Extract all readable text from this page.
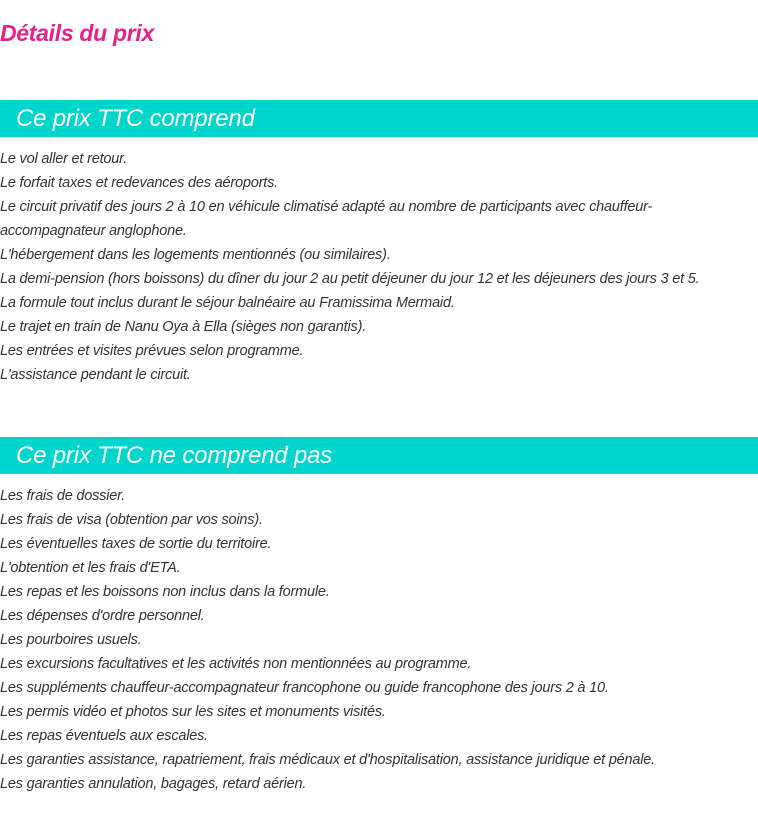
Détails du prix
Ce prix TTC comprend
Le vol aller et retour.
Le forfait taxes et redevances des aéroports.
Le circuit privatif des jours 2 à 10 en véhicule climatisé adapté au nombre de participants avec chauffeur-accompagnateur anglophone.
L'hébergement dans les logements mentionnés (ou similaires).
La demi-pension (hors boissons) du dîner du jour 2 au petit déjeuner du jour 12 et les déjeuners des jours 3 et 5.
La formule tout inclus durant le séjour balnéaire au Framissima Mermaid.
Le trajet en train de Nanu Oya à Ella (sièges non garantis).
Les entrées et visites prévues selon programme.
L'assistance pendant le circuit.
Ce prix TTC ne comprend pas
Les frais de dossier.
Les frais de visa (obtention par vos soins).
Les éventuelles taxes de sortie du territoire.
L'obtention et les frais d'ETA.
Les repas et les boissons non inclus dans la formule.
Les dépenses d'ordre personnel.
Les pourboires usuels.
Les excursions facultatives et les activités non mentionnées au programme.
Les suppléments chauffeur-accompagnateur francophone ou guide francophone des jours 2 à 10.
Les permis vidéo et photos sur les sites et monuments visités.
Les repas éventuels aux escales.
Les garanties assistance, rapatriement, frais médicaux et d'hospitalisation, assistance juridique et pénale.
Les garanties annulation, bagages, retard aérien.
